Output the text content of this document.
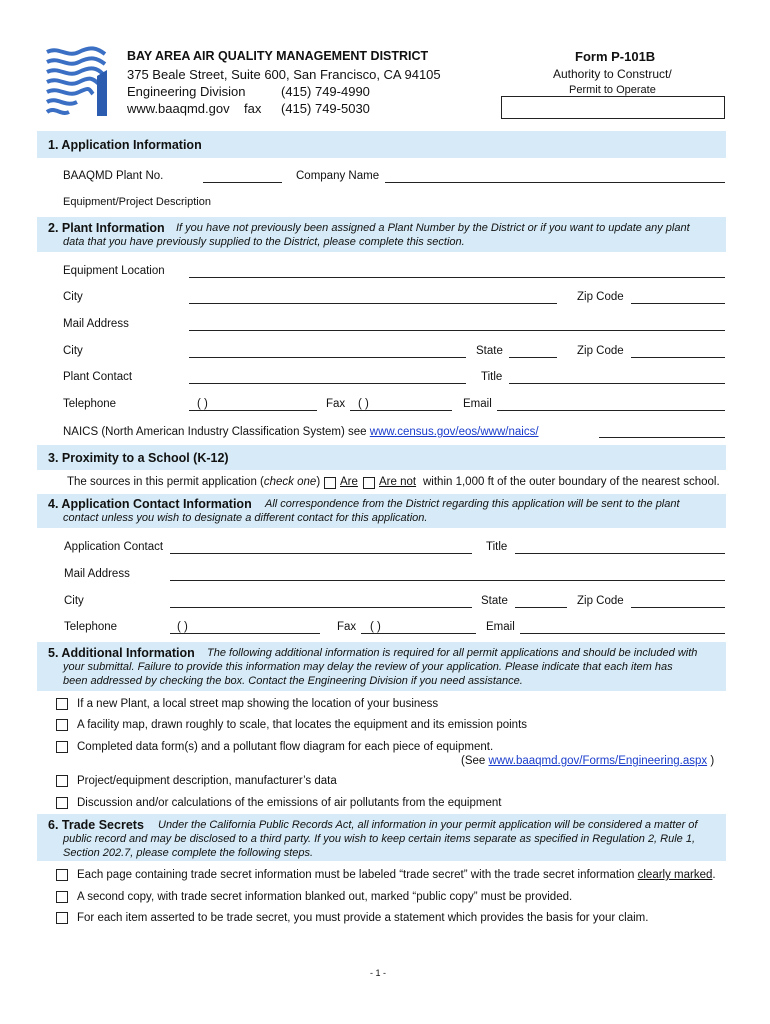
BAY AREA AIR QUALITY MANAGEMENT DISTRICT
375 Beale Street, Suite 600, San Francisco, CA 94105
Engineering Division	(415) 749-4990
www.baaqmd.gov fax (415) 749-5030
Form P-101B
Authority to Construct/
Permit to Operate
1. Application Information
BAAQMD Plant No.	Company Name
Equipment/Project Description
2. Plant Information If you have not previously been assigned a Plant Number by the District or if you want to update any plant
data that you have previously supplied to the District, please complete this section.
Equipment Location
City	Zip Code
Mail Address
City	State	Zip Code
Plant Contact	Title
Telephone	( )	Fax ( )	Email
NAICS (North American Industry Classification System) see www.census.gov/eos/www/naics/
3. Proximity to a School (K-12)
The sources in this permit application (check one) Are Are not within 1,000 ft of the outer boundary of the nearest school.
4. Application Contact Information All correspondence from the District regarding this application will be sent to the plant
contact unless you wish to designate a different contact for this application.
Application Contact	Title
Mail Address
City	State	Zip Code
Telephone	( )	Fax ( )	Email
5. Additional Information The following additional information is required for all permit applications and should be included with
your submittal. Failure to provide this information may delay the review of your application. Please indicate that each item has
been addressed by checking the box. Contact the Engineering Division if you need assistance.
If a new Plant, a local street map showing the location of your business
A facility map, drawn roughly to scale, that locates the equipment and its emission points
Completed data form(s) and a pollutant flow diagram for each piece of equipment.
(See www.baaqmd.gov/Forms/Engineering.aspx )
Project/equipment description, manufacturer’s data
Discussion and/or calculations of the emissions of air pollutants from the equipment
6. Trade Secrets Under the California Public Records Act, all information in your permit application will be considered a matter of
public record and may be disclosed to a third party. If you wish to keep certain items separate as specified in Regulation 2, Rule 1,
Section 202.7, please complete the following steps.
Each page containing trade secret information must be labeled “trade secret” with the trade secret information clearly marked.
A second copy, with trade secret information blanked out, marked “public copy” must be provided.
For each item asserted to be trade secret, you must provide a statement which provides the basis for your claim.
- 1 -
